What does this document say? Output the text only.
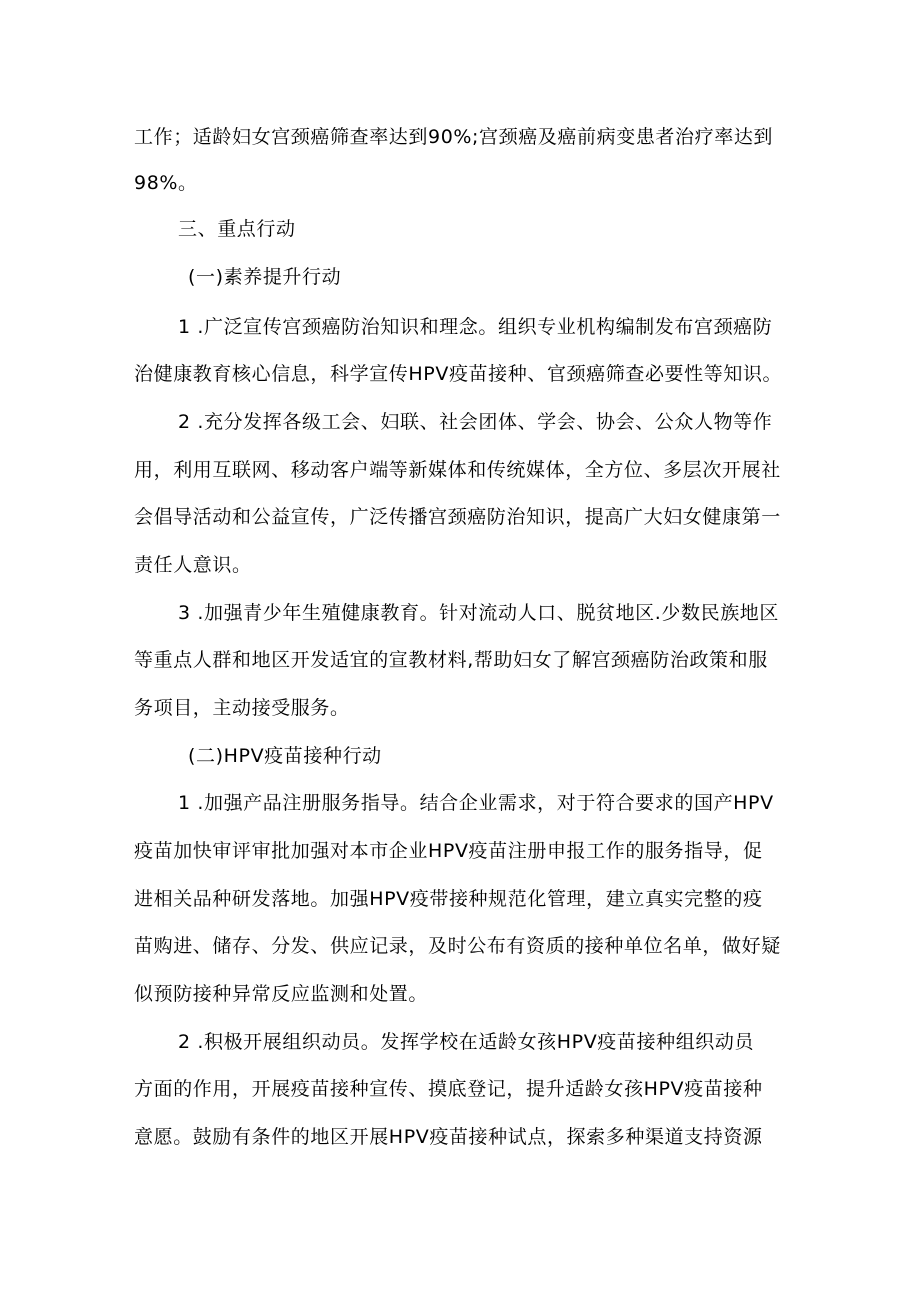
工作；适龄妇女宫颈癌筛查率达到90%;宫颈癌及癌前病变患者治疗率达到
98%。
三、重点行动
(一)素养提升行动
1 .广泛宣传宫颈癌防治知识和理念。组织专业机构编制发布宫颈癌防
治健康教育核心信息，科学宣传HPV疫苗接种、官颈癌筛查必要性等知识。
2 .充分发挥各级工会、妇联、社会团体、学会、协会、公众人物等作
用，利用互联网、移动客户端等新媒体和传统媒体，全方位、多层次开展社
会倡导活动和公益宣传，广泛传播宫颈癌防治知识，提高广大妇女健康第一
责任人意识。
3 .加强青少年生殖健康教育。针对流动人口、脱贫地区.少数民族地区
等重点人群和地区开发适宜的宣教材料,帮助妇女了解宫颈癌防治政策和服
务项目，主动接受服务。
(二)HPV疫苗接种行动
1 .加强产品注册服务指导。结合企业需求，对于符合要求的国产HPV
疫苗加快审评审批加强对本市企业HPV疫苗注册申报工作的服务指导，促
进相关品种研发落地。加强HPV疫带接种规范化管理，建立真实完整的疫
苗购进、储存、分发、供应记录，及时公布有资质的接种单位名单，做好疑
似预防接种异常反应监测和处置。
2 .积极开展组织动员。发挥学校在适龄女孩HPV疫苗接种组织动员
方面的作用，开展疫苗接种宣传、摸底登记，提升适龄女孩HPV疫苗接种
意愿。鼓励有条件的地区开展HPV疫苗接种试点，探索多种渠道支持资源
